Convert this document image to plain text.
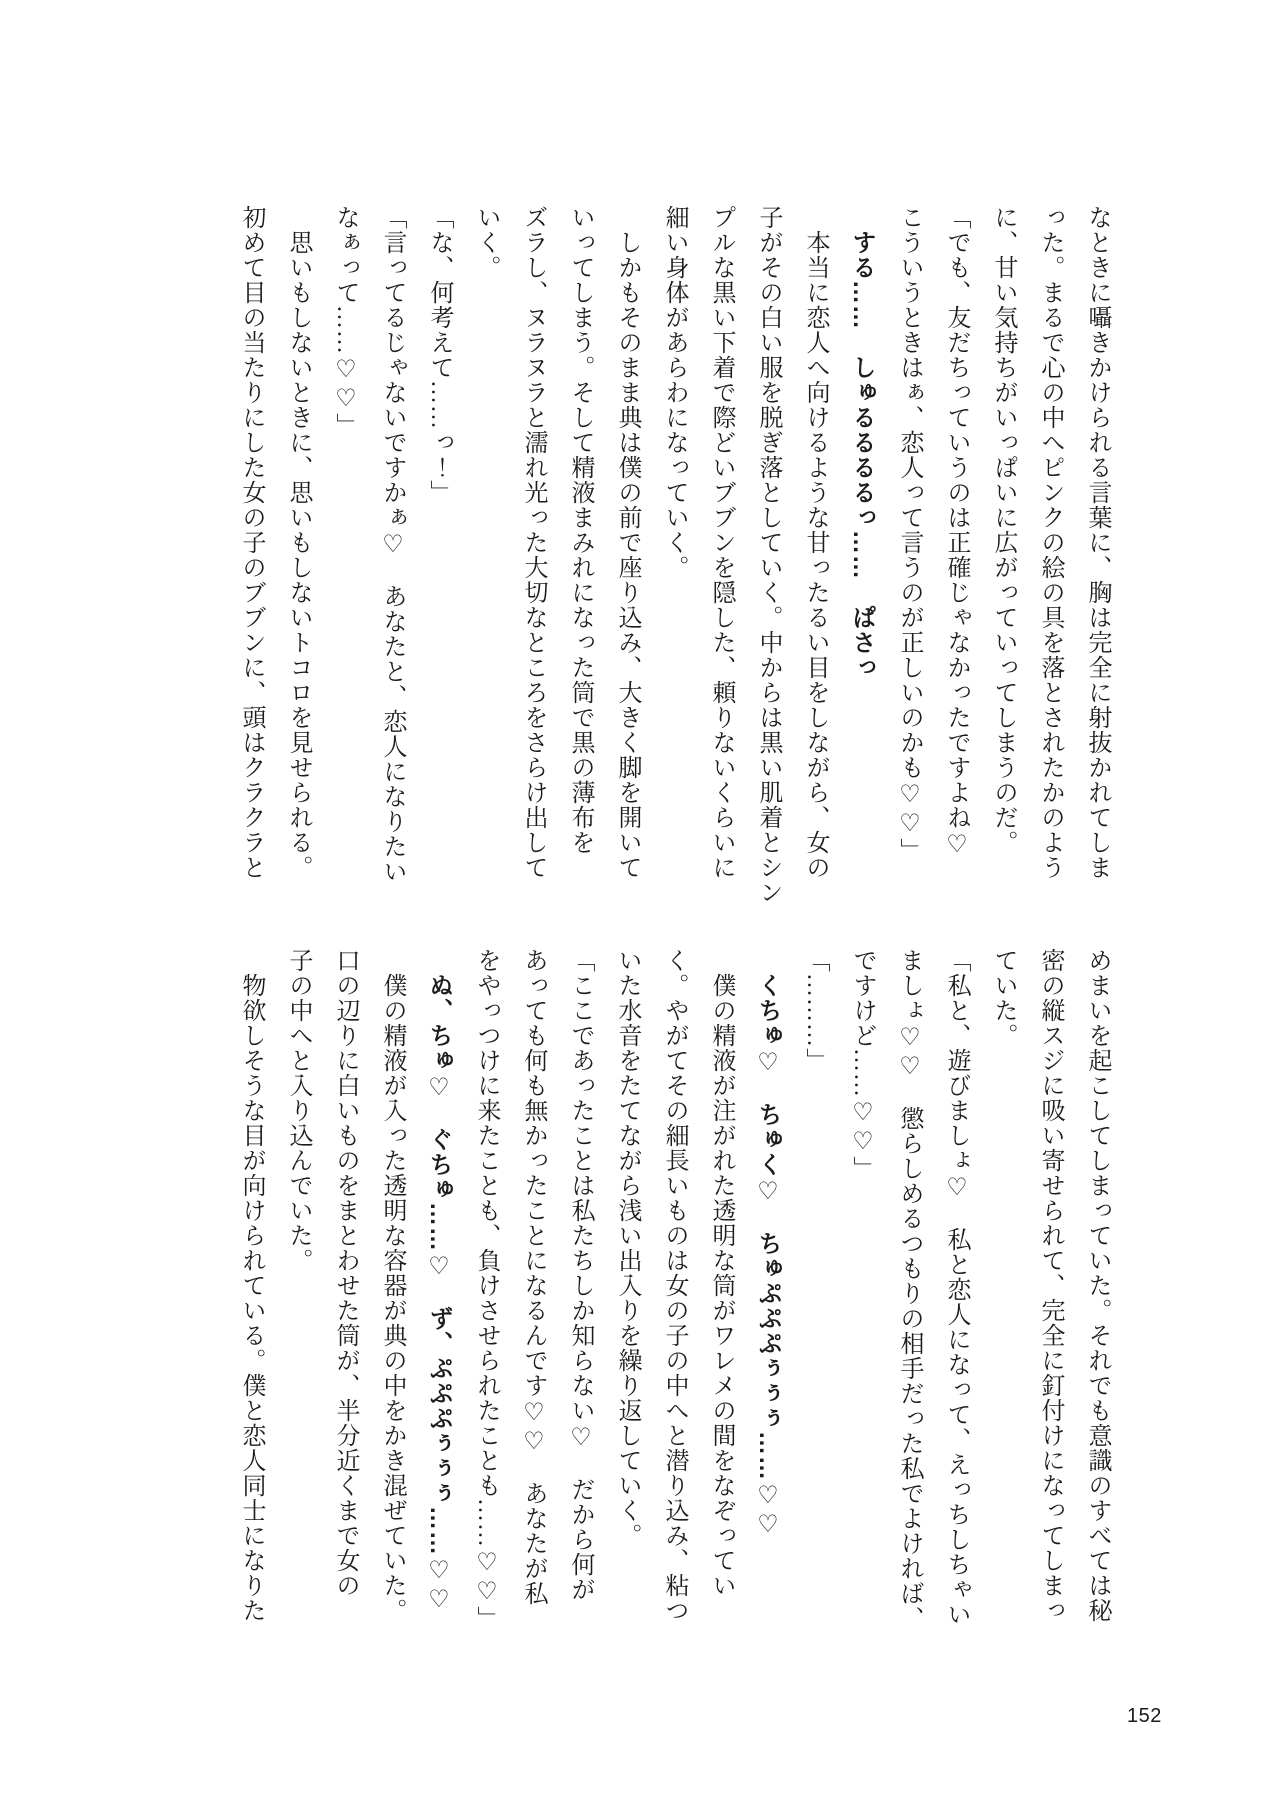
なときに囁きかけられる言葉に、胸は完全に射抜かれてしま
った。まるで心の中へピンクの絵の具を落とされたかのよう
に、甘い気持ちがいっぱいに広がっていってしまうのだ。
「でも、友だちっていうのは正確じゃなかったですよね♡
こういうときはぁ、恋人って言うのが正しいのかも♡♡」
する……　しゅるるるるっ……　ぱさっ
本当に恋人へ向けるような甘ったるい目をしながら、女の
子がその白い服を脱ぎ落としていく。中からは黒い肌着とシン
プルな黒い下着で際どいブブンを隠した、頼りないくらいに
細い身体があらわになっていく。
しかもそのまま典は僕の前で座り込み、大きく脚を開いて
いってしまう。そして精液まみれになった筒で黒の薄布を
ズラし、ヌラヌラと濡れ光った大切なところをさらけ出して
いく。
「な、何考えて……っ！」
「言ってるじゃないですかぁ♡　あなたと、恋人になりたい
なぁって……♡♡」
思いもしないときに、思いもしないトコロを見せられる。
初めて目の当たりにした女の子のブブンに、頭はクラクラと
めまいを起こしてしまっていた。それでも意識のすべては秘
密の縦スジに吸い寄せられて、完全に釘付けになってしまっ
ていた。
「私と、遊びましょ♡　私と恋人になって、えっちしちゃい
ましょ♡♡　懲らしめるつもりの相手だった私でよければ、
ですけど……♡♡」
「………」
くちゅ♡　ちゅく♡　ちゅぷぷぷぅぅぅ……♡♡
僕の精液が注がれた透明な筒がワレメの間をなぞってい
く。やがてその細長いものは女の子の中へと潜り込み、粘つ
いた水音をたてながら浅い出入りを繰り返していく。
「ここであったことは私たちしか知らない♡　だから何が
あっても何も無かったことになるんです♡♡　あなたが私
をやっつけに来たことも、負けさせられたことも……♡♡」
ぬ、ちゅ♡　ぐちゅ……♡　ず、ぷぷぷぅぅぅ……♡♡
僕の精液が入った透明な容器が典の中をかき混ぜていた。
口の辺りに白いものをまとわせた筒が、半分近くまで女の
子の中へと入り込んでいた。
物欲しそうな目が向けられている。僕と恋人同士になりた
152
